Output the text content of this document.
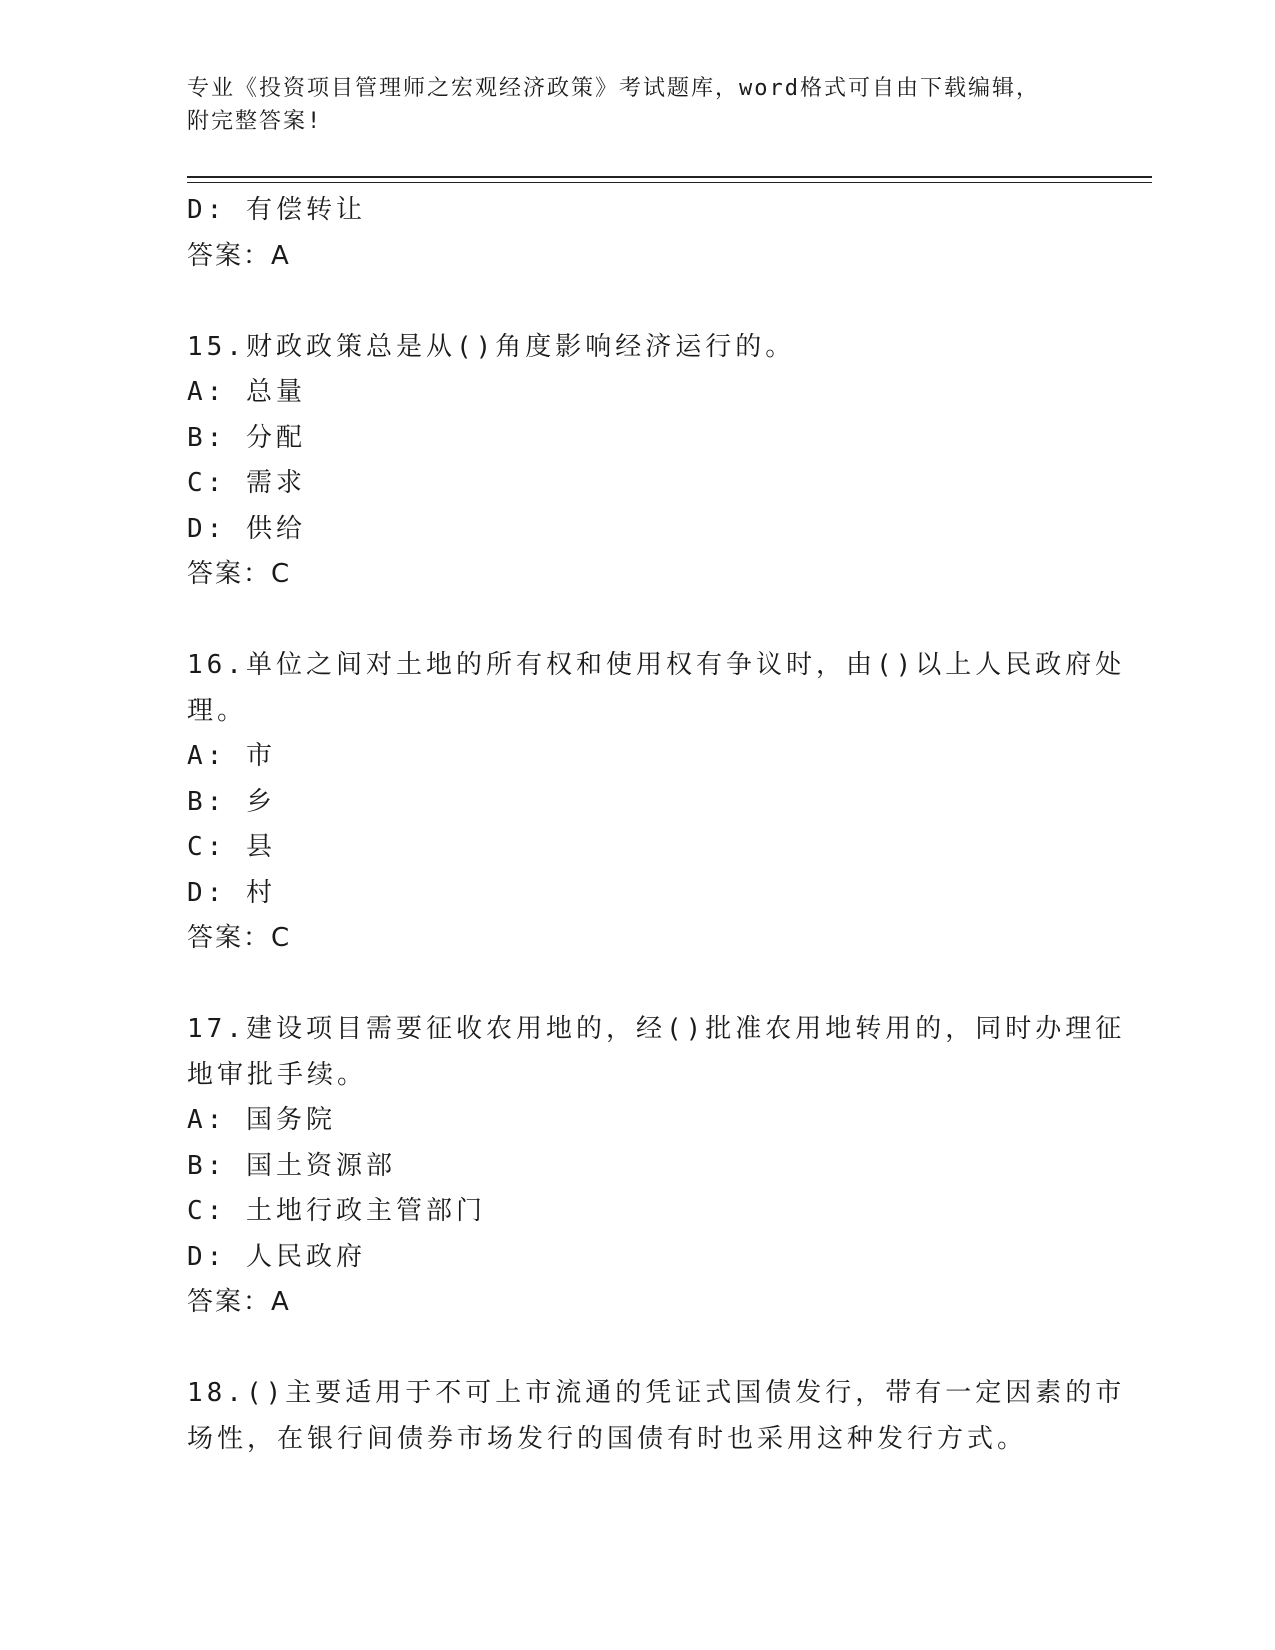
专业《投资项目管理师之宏观经济政策》考试题库，word格式可自由下载编辑，
附完整答案!
D: 有偿转让
答案：A
15.财政政策总是从()角度影响经济运行的。
A: 总量
B: 分配
C: 需求
D: 供给
答案：C
16.单位之间对土地的所有权和使用权有争议时，由()以上人民政府处
理。
A: 市
B: 乡
C: 县
D: 村
答案：C
17.建设项目需要征收农用地的，经()批准农用地转用的，同时办理征
地审批手续。
A: 国务院
B: 国土资源部
C: 土地行政主管部门
D: 人民政府
答案：A
18.()主要适用于不可上市流通的凭证式国债发行，带有一定因素的市
场性，在银行间债券市场发行的国债有时也采用这种发行方式。
